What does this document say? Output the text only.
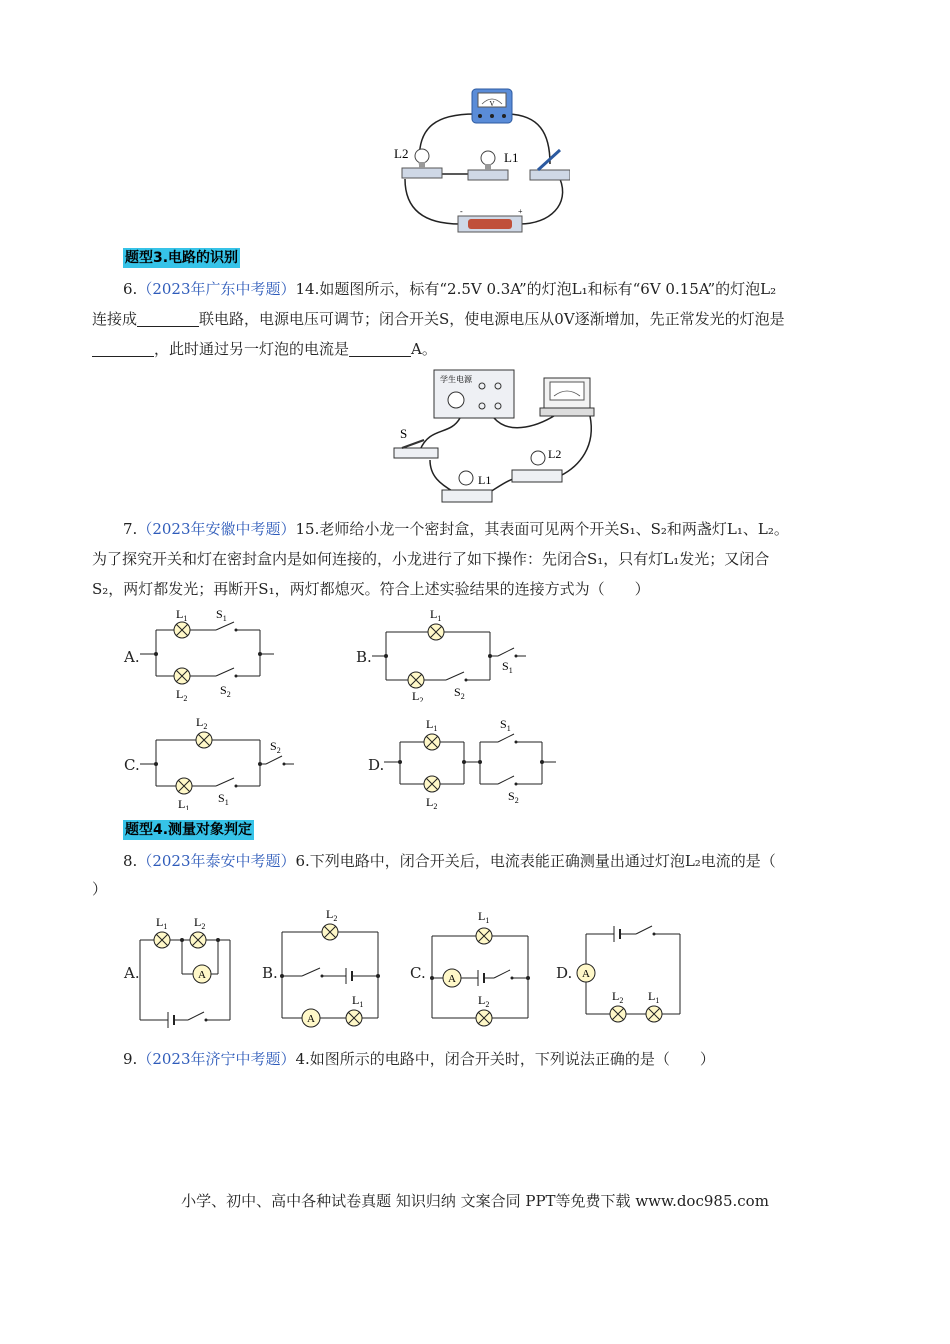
V
-	+
L2	L1
题型3.电路的识别
6.（2023年广东中考题）14.如题图所示，标有“2.5V 0.3A”的灯泡L₁和标有“6V 0.15A”的灯泡L₂
连接成	联电路，电源电压可调节；闭合开关S，使电源电压从0V逐渐增加，先正常发光的灯泡是
，此时通过另一灯泡的电流是	A。
学生电源
S
L1
L2
7.（2023年安徽中考题）15.老师给小龙一个密封盒，其表面可见两个开关S₁、S₂和两盏灯L₁、L₂。
为了探究开关和灯在密封盒内是如何连接的，小龙进行了如下操作：先闭合S₁，只有灯L₁发光；又闭合
S₂，两灯都发光；再断开S₁，两灯都熄灭。符合上述实验结果的连接方式为（　　）
A.
$L_1$ $S_1$
$L_2$
$S_2$
B.
$L_1$
$L_2$
$S_2$
$S_1$
C.
$L_2$
$L_1$
$S_1$
$S_2$
D.
$L_1$
$L_2$
$S_1$
$S_2$
题型4.测量对象判定
8.（2023年泰安中考题）6.下列电路中，闭合开关后，电流表能正确测量出通过灯泡L₂电流的是（
）
A.	A
$L_1$ $L_2$
B.
A
$L_2$
$L_1$
C. A
$L_1$
$L_2$
D. A
$L_2$ $L_1$
9.（2023年济宁中考题）4.如图所示的电路中，闭合开关时，下列说法正确的是（　　）
小学、初中、高中各种试卷真题 知识归纳 文案合同 PPT等免费下载 www.doc985.com
